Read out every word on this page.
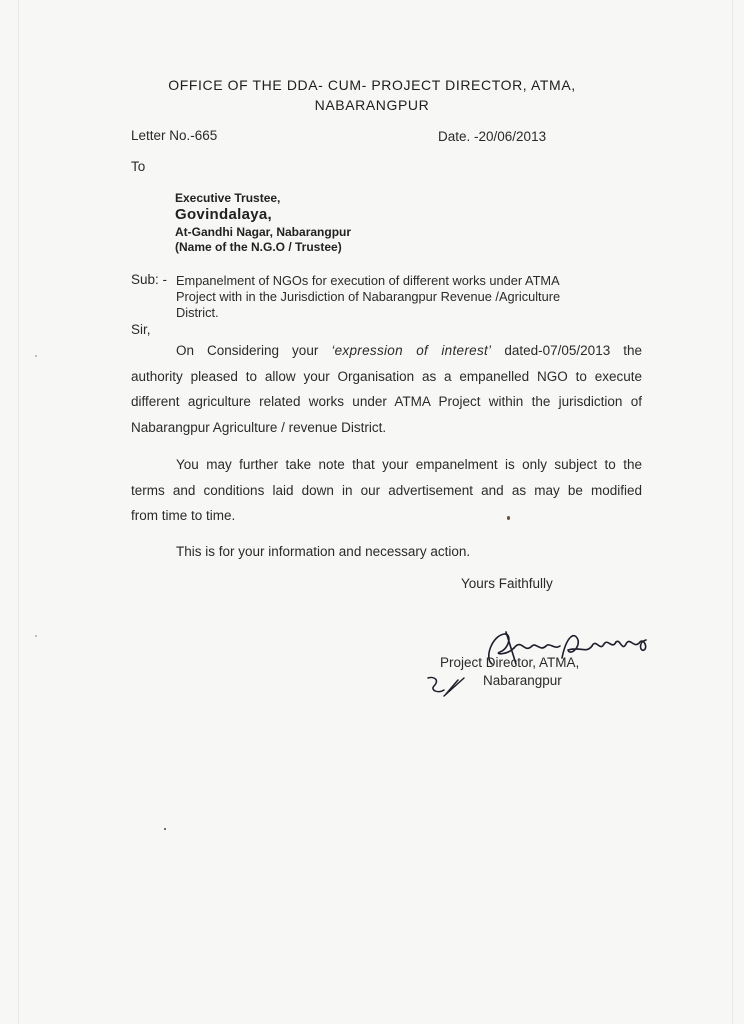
OFFICE OF THE DDA- CUM- PROJECT DIRECTOR, ATMA,
NABARANGPUR
Letter No.-665	Date. -20/06/2013
To
Executive Trustee,
Govindalaya,
At-Gandhi Nagar, Nabarangpur
(Name of the N.G.O / Trustee)
Sub: - Empanelment of NGOs for execution of different works under ATMA
Project with in the Jurisdiction of Nabarangpur Revenue /Agriculture
District.
Sir,
On Considering your ‘expression of interest’ dated-07/05/2013 the
authority pleased to allow your Organisation as a empanelled NGO to execute
different agriculture related works under ATMA Project within the jurisdiction of
Nabarangpur Agriculture / revenue District.
You may further take note that your empanelment is only subject to the
terms and conditions laid down in our advertisement and as may be modified
from time to time.
This is for your information and necessary action.
Yours Faithfully
Project Director, ATMA,
Nabarangpur
